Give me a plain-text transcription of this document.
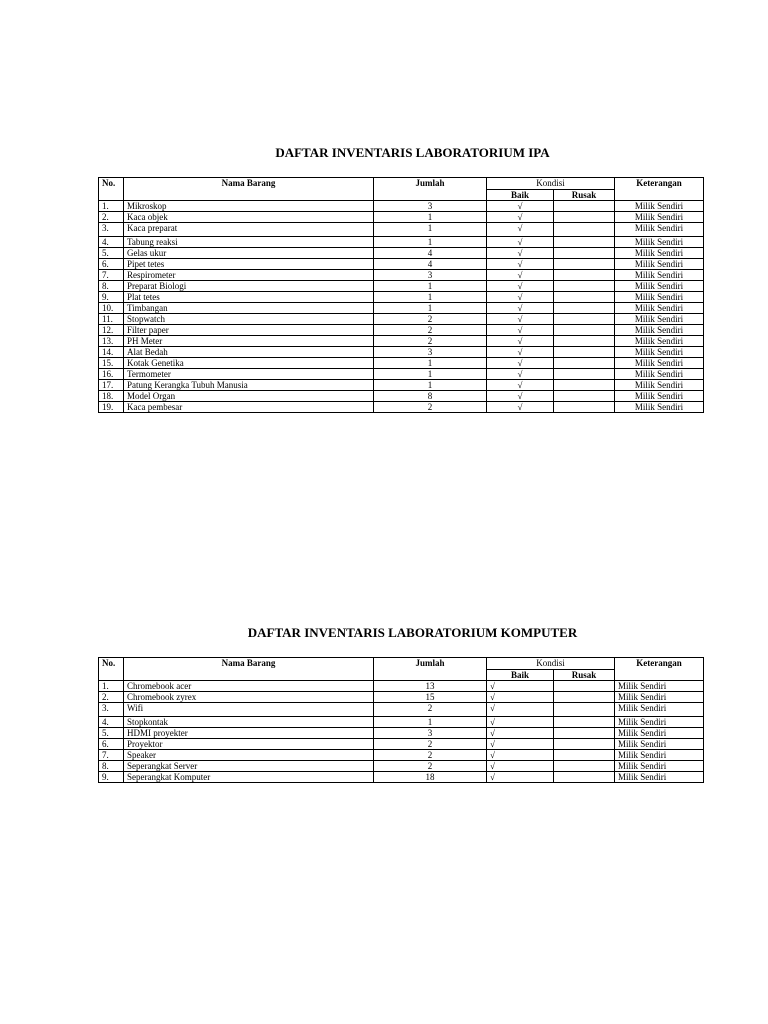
DAFTAR INVENTARIS LABORATORIUM IPA
No.	Nama Barang	Jumlah	Kondisi		Keterangan
			Baik	Rusak	
1.	Mikroskop	3	√		Milik Sendiri
2.	Kaca objek	1	√		Milik Sendiri
3.	Kaca preparat	1	√		Milik Sendiri
4.	Tabung reaksi	1	√		Milik Sendiri
5.	Gelas ukur	4	√		Milik Sendiri
6.	Pipet tetes	4	√		Milik Sendiri
7.	Respirometer	3	√		Milik Sendiri
8.	Preparat Biologi	1	√		Milik Sendiri
9.	Plat tetes	1	√		Milik Sendiri
10.	Timbangan	1	√		Milik Sendiri
11.	Stopwatch	2	√		Milik Sendiri
12.	Filter paper	2	√		Milik Sendiri
13.	PH Meter	2	√		Milik Sendiri
14.	Alat Bedah	3	√		Milik Sendiri
15.	Kotak Genetika	1	√		Milik Sendiri
16.	Termometer	1	√		Milik Sendiri
17.	Patung Kerangka Tubuh Manusia	1	√		Milik Sendiri
18.	Model Organ	8	√		Milik Sendiri
19.	Kaca pembesar	2	√		Milik Sendiri
DAFTAR INVENTARIS LABORATORIUM KOMPUTER
No.	Nama Barang	Jumlah	Kondisi		Keterangan
			Baik	Rusak	
1.	Chromebook acer	13	√		Milik Sendiri
2.	Chromebook zyrex	15	√		Milik Sendiri
3.	Wifi	2	√		Milik Sendiri
4.	Stopkontak	1	√		Milik Sendiri
5.	HDMI proyekter	3	√		Milik Sendiri
6.	Proyektor	2	√		Milik Sendiri
7.	Speaker	2	√		Milik Sendiri
8.	Seperangkat Server	2	√		Milik Sendiri
9.	Seperangkat Komputer	18	√		Milik Sendiri
